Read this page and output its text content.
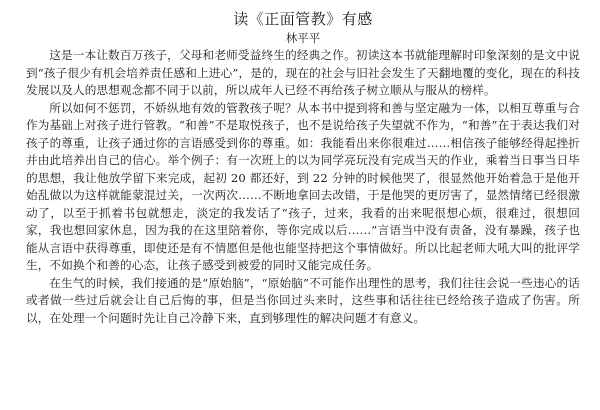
读《正面管教》有感
林平平

这是一本让数百万孩子，父母和老师受益终生的经典之作。初读这本书就能理解时印象深刻的是文中说到“孩子很少有机会培养责任感和上进心”，是的，现在的社会与旧社会发生了天翻地覆的变化，现在的科技发展以及人的思想观念都不同于以前，所以成年人已经不再给孩子树立顺从与服从的榜样。

所以如何不惩罚，不娇纵地有效的管教孩子呢？从本书中提到将和善与坚定融为一体，以相互尊重与合作为基础上对孩子进行管教。“和善”不是取悦孩子，也不是说给孩子失望就不作为，“和善”在于表达我们对孩子的尊重，让孩子通过你的言语感受到你的尊重。如：我能看出来你很难过……相信孩子能够经得起挫折并由此培养出自己的信心。举个例子：有一次班上的以为同学亮玩没有完成当天的作业，乘着当日事当日毕的思想，我让他放学留下来完成，起初 20 都还好，到 22 分钟的时候他哭了，很显然他开始着急于是他开始乱做以为这样就能蒙混过关，一次两次……不断地拿回去改错，于是他哭的更厉害了，显然情绪已经很激动了，以至于抓着书包就想走，淡定的我发话了“孩子，过来，我看的出来呢很想心烦，很难过，很想回家，我也想回家休息，因为我的在这里陪着你，等你完成以后……”言语当中没有责备，没有暴躁，孩子也能从言语中获得尊重，即使还是有不情愿但是他也能坚持把这个事情做好。所以比起老师大吼大叫的批评学生，不如换个和善的心态，让孩子感受到被爱的同时又能完成任务。

在生气的时候，我们接通的是“原始脑”，“原始脑”不可能作出理性的思考，我们往往会说一些违心的话或者做一些过后就会让自己后悔的事，但是当你回过头来时，这些事和话往往已经给孩子造成了伤害。所以，在处理一个问题时先让自己冷静下来，直到够理性的解决问题才有意义。
